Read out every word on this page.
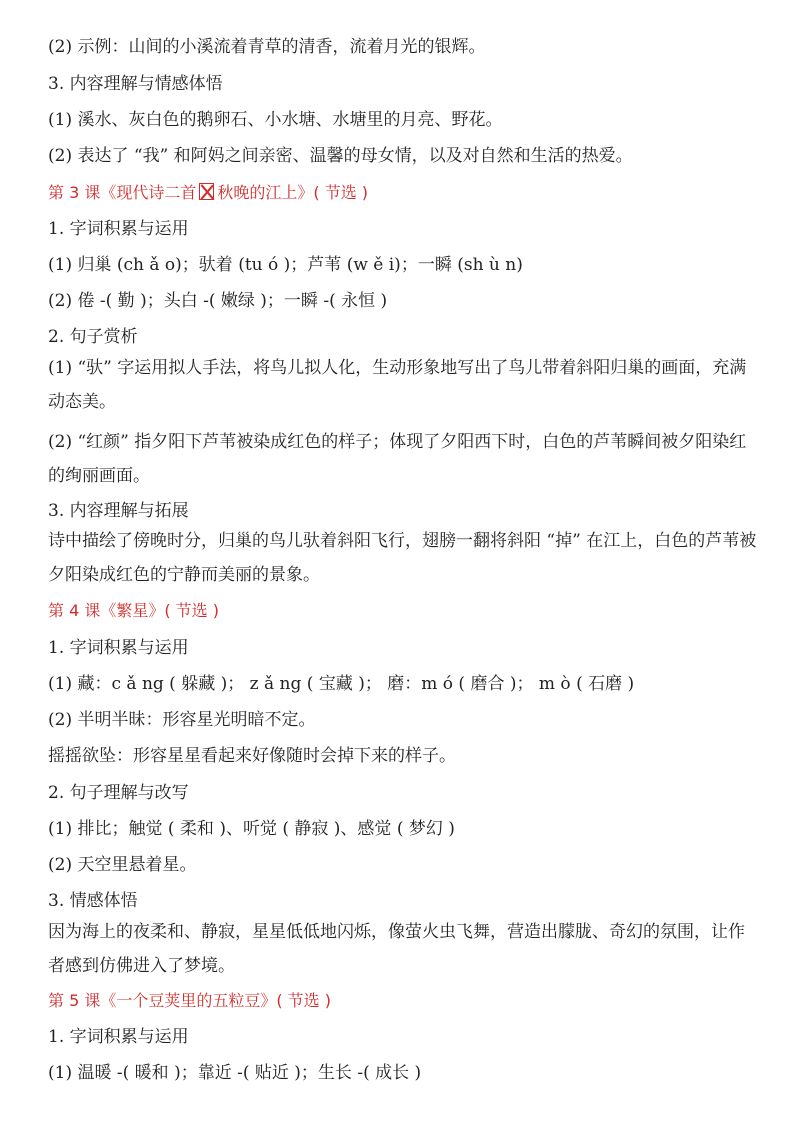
(2) 示例：山间的小溪流着青草的清香，流着月光的银辉。
3. 内容理解与情感体悟
(1) 溪水、灰白色的鹅卵石、小水塘、水塘里的月亮、野花。
(2) 表达了 “我” 和阿妈之间亲密、温馨的母女情，以及对自然和生活的热爱。
第 3 课《现代诗二首 秋晚的江上》( 节选 )
1. 字词积累与运用
(1) 归巢 (ch ǎ o)；驮着 (tu ó )；芦苇 (w ě i)；一瞬 (sh ù n)
(2) 倦 -( 勤 )；头白 -( 嫩绿 )；一瞬 -( 永恒 )
2. 句子赏析
(1) “驮” 字运用拟人手法，将鸟儿拟人化，生动形象地写出了鸟儿带着斜阳归巢的画面，充满动态美。
(2) “红颜” 指夕阳下芦苇被染成红色的样子；体现了夕阳西下时，白色的芦苇瞬间被夕阳染红的绚丽画面。
3. 内容理解与拓展
诗中描绘了傍晚时分，归巢的鸟儿驮着斜阳飞行，翅膀一翻将斜阳 “掉” 在江上，白色的芦苇被夕阳染成红色的宁静而美丽的景象。
第 4 课《繁星》( 节选 )
1. 字词积累与运用
(1) 藏：c ǎ ng ( 躲藏 )； z ǎ ng ( 宝藏 )； 磨：m ó ( 磨合 )； m ò ( 石磨 )
(2) 半明半昧：形容星光明暗不定。
摇摇欲坠：形容星星看起来好像随时会掉下来的样子。
2. 句子理解与改写
(1) 排比；触觉 ( 柔和 )、听觉 ( 静寂 )、感觉 ( 梦幻 )
(2) 天空里悬着星。
3. 情感体悟
因为海上的夜柔和、静寂，星星低低地闪烁，像萤火虫飞舞，营造出朦胧、奇幻的氛围，让作者感到仿佛进入了梦境。
第 5 课《一个豆荚里的五粒豆》( 节选 )
1. 字词积累与运用
(1) 温暖 -( 暖和 )；靠近 -( 贴近 )；生长 -( 成长 )
